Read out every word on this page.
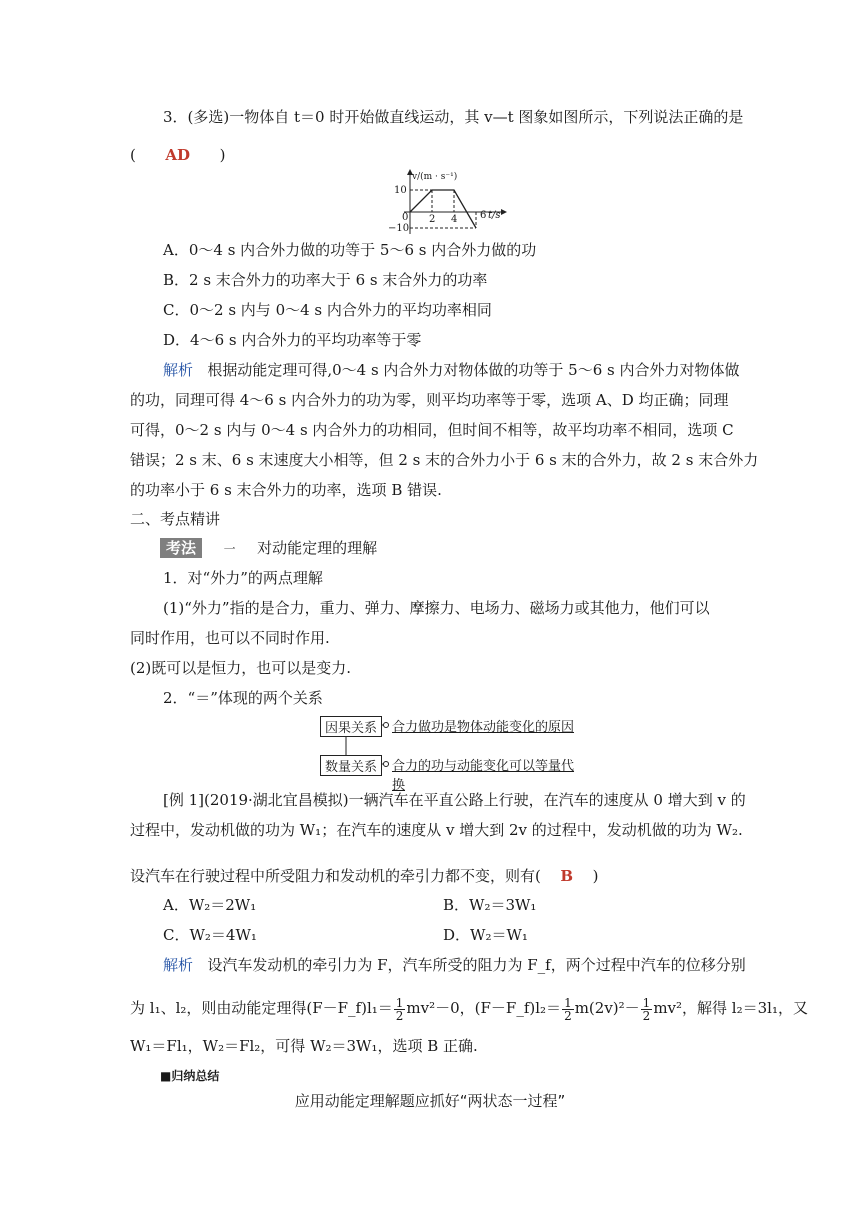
3．(多选)一物体自 t＝0 时开始做直线运动，其 v—t 图象如图所示，下列说法正确的是
( AD )
v/(m · s⁻¹)
10
0
−10
2 4 6 t/s
A．0～4 s 内合外力做的功等于 5～6 s 内合外力做的功
B．2 s 末合外力的功率大于 6 s 末合外力的功率
C．0～2 s 内与 0～4 s 内合外力的平均功率相同
D．4～6 s 内合外力的平均功率等于零
解析 根据动能定理可得,0～4 s 内合外力对物体做的功等于 5～6 s 内合外力对物体做
的功，同理可得 4～6 s 内合外力的功为零，则平均功率等于零，选项 A、D 均正确；同理
可得，0～2 s 内与 0～4 s 内合外力的功相同，但时间不相等，故平均功率不相同，选项 C
错误；2 s 末、6 s 末速度大小相等，但 2 s 末的合外力小于 6 s 末的合外力，故 2 s 末合外力
的功率小于 6 s 末合外力的功率，选项 B 错误.
二、考点精讲
考法 一 对动能定理的理解
1．对“外力”的两点理解
(1)“外力”指的是合力，重力、弹力、摩擦力、电场力、磁场力或其他力，他们可以
同时作用，也可以不同时作用.
(2)既可以是恒力，也可以是变力.
2．“＝”体现的两个关系
因果关系	合力做功是物体动能变化的原因
数量关系	合力的功与动能变化可以等量代换
[例 1](2019·湖北宜昌模拟)一辆汽车在平直公路上行驶，在汽车的速度从 0 增大到 v 的
过程中，发动机做的功为 W₁；在汽车的速度从 v 增大到 2v 的过程中，发动机做的功为 W₂.
设汽车在行驶过程中所受阻力和发动机的牵引力都不变，则有( B )
A．W₂＝2W₁	B．W₂＝3W₁
C．W₂＝4W₁	D．W₂＝W₁
解析 设汽车发动机的牵引力为 F，汽车所受的阻力为 F_f，两个过程中汽车的位移分别
为 l₁、l₂，则由动能定理得(F－F_f)l₁＝ $\frac{1}{2} mv^2-0$，(F－F_f)l₂＝ $\frac{1}{2} m(2v)^2- \frac{1}{2} mv^2$，解得 l₂＝3l₁，又
W₁＝Fl₁，W₂＝Fl₂，可得 W₂＝3W₁，选项 B 正确.
■归纳总结
应用动能定理解题应抓好“两状态一过程”
